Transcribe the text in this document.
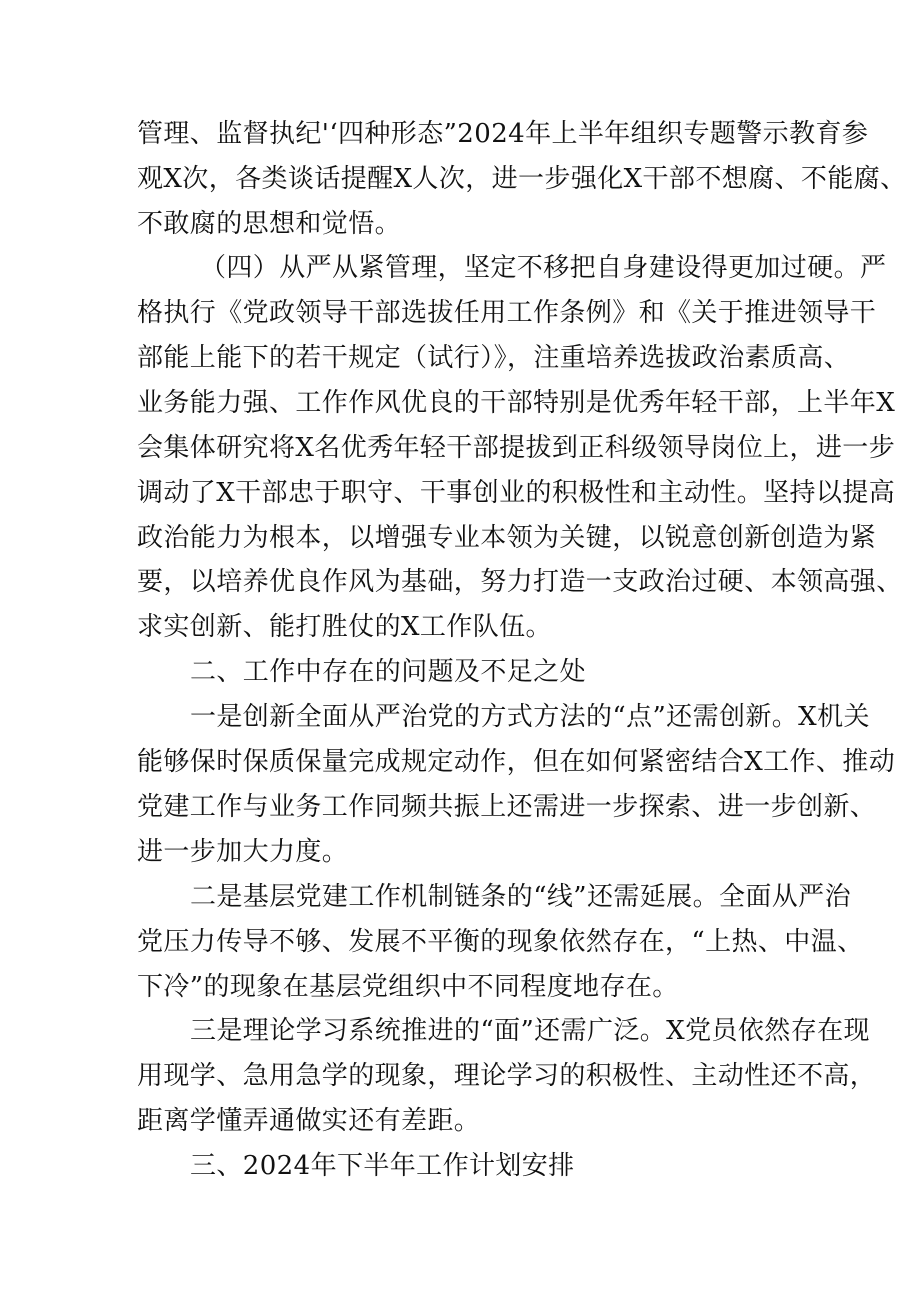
管理、监督执纪'‘四种形态”2024年上半年组织专题警示教育参
观X次，各类谈话提醒X人次，进一步强化X干部不想腐、不能腐、
不敢腐的思想和觉悟。
（四）从严从紧管理，坚定不移把自身建设得更加过硬。严
格执行《党政领导干部选拔任用工作条例》和《关于推进领导干
部能上能下的若干规定（试行）》，注重培养选拔政治素质高、
业务能力强、工作作风优良的干部特别是优秀年轻干部，上半年X
会集体研究将X名优秀年轻干部提拔到正科级领导岗位上，进一步
调动了X干部忠于职守、干事创业的积极性和主动性。坚持以提高
政治能力为根本，以增强专业本领为关键，以锐意创新创造为紧
要，以培养优良作风为基础，努力打造一支政治过硬、本领高强、
求实创新、能打胜仗的X工作队伍。
二、工作中存在的问题及不足之处
一是创新全面从严治党的方式方法的“点”还需创新。X机关
能够保时保质保量完成规定动作，但在如何紧密结合X工作、推动
党建工作与业务工作同频共振上还需进一步探索、进一步创新、
进一步加大力度。
二是基层党建工作机制链条的“线”还需延展。全面从严治
党压力传导不够、发展不平衡的现象依然存在，“上热、中温、
下冷”的现象在基层党组织中不同程度地存在。
三是理论学习系统推进的“面”还需广泛。X党员依然存在现
用现学、急用急学的现象，理论学习的积极性、主动性还不高，
距离学懂弄通做实还有差距。
三、2024年下半年工作计划安排
